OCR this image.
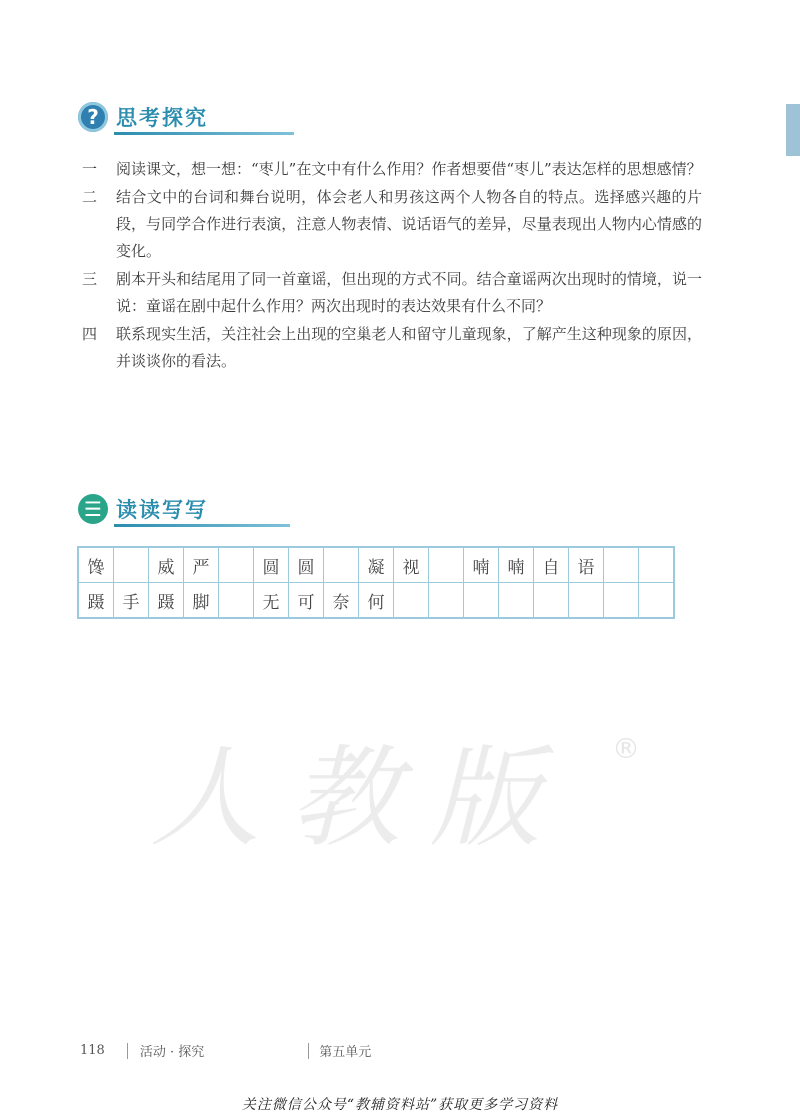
? 思考探究
一	阅读课文，想一想：“枣儿”在文中有什么作用？作者想要借“枣儿”表达怎样的思想感情？
二	结合文中的台词和舞台说明，体会老人和男孩这两个人物各自的特点。选择感兴趣的片段，与同学合作进行表演，注意人物表情、说话语气的差异，尽量表现出人物内心情感的变化。
三	剧本开头和结尾用了同一首童谣，但出现的方式不同。结合童谣两次出现时的情境，说一说：童谣在剧中起什么作用？两次出现时的表达效果有什么不同？
四	联系现实生活，关注社会上出现的空巢老人和留守儿童现象，了解产生这种现象的原因，并谈谈你的看法。
☰ 读读写写
馋		威	严		圆	圆		凝	视		喃	喃	自	语		
蹑	手	蹑	脚		无	可	奈	何								
人教版 ®
118	活动 · 探究	第五单元
关注微信公众号“教辅资料站”获取更多学习资料
